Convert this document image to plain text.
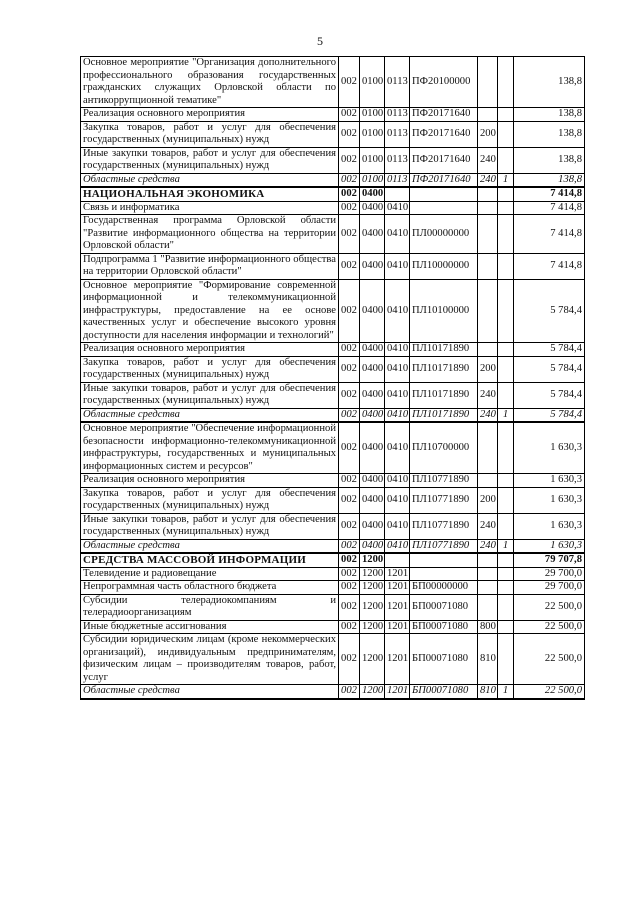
5
Основное мероприятие "Организация дополнительного профессионального образования государственных гражданских служащих Орловской области по антикоррупционной тематике"	002	0100	0113	ПФ20100000			138,8
Реализация основного мероприятия	002	0100	0113	ПФ20171640			138,8
Закупка товаров, работ и услуг для обеспечения государственных (муниципальных) нужд	002	0100	0113	ПФ20171640	200		138,8
Иные закупки товаров, работ и услуг для обеспечения государственных (муниципальных) нужд	002	0100	0113	ПФ20171640	240		138,8
Областные средства	002	0100	0113	ПФ20171640	240	1	138,8
НАЦИОНАЛЬНАЯ ЭКОНОМИКА	002	0400					7 414,8
Связь и информатика	002	0400	0410				7 414,8
Государственная программа Орловской области "Развитие информационного общества на территории Орловской области"	002	0400	0410	ПЛ00000000			7 414,8
Подпрограмма 1 "Развитие информационного общества на территории Орловской области"	002	0400	0410	ПЛ10000000			7 414,8
Основное мероприятие "Формирование современной информационной и телекоммуникационной инфраструктуры, предоставление на ее основе качественных услуг и обеспечение высокого уровня доступности для населения информации и технологий"	002	0400	0410	ПЛ10100000			5 784,4
Реализация основного мероприятия	002	0400	0410	ПЛ10171890			5 784,4
Закупка товаров, работ и услуг для обеспечения государственных (муниципальных) нужд	002	0400	0410	ПЛ10171890	200		5 784,4
Иные закупки товаров, работ и услуг для обеспечения государственных (муниципальных) нужд	002	0400	0410	ПЛ10171890	240		5 784,4
Областные средства	002	0400	0410	ПЛ10171890	240	1	5 784,4
Основное мероприятие "Обеспечение информационной безопасности информационно-телекоммуникационной инфраструктуры, государственных и муниципальных информационных систем и ресурсов"	002	0400	0410	ПЛ10700000			1 630,3
Реализация основного мероприятия	002	0400	0410	ПЛ10771890			1 630,3
Закупка товаров, работ и услуг для обеспечения государственных (муниципальных) нужд	002	0400	0410	ПЛ10771890	200		1 630,3
Иные закупки товаров, работ и услуг для обеспечения государственных (муниципальных) нужд	002	0400	0410	ПЛ10771890	240		1 630,3
Областные средства	002	0400	0410	ПЛ10771890	240	1	1 630,3
СРЕДСТВА МАССОВОЙ ИНФОРМАЦИИ	002	1200					79 707,8
Телевидение и радиовещание	002	1200	1201				29 700,0
Непрограммная часть областного бюджета	002	1200	1201	БП00000000			29 700,0
Субсидии телерадиокомпаниям и телерадиоорганизациям	002	1200	1201	БП00071080			22 500,0
Иные бюджетные ассигнования	002	1200	1201	БП00071080	800		22 500,0
Субсидии юридическим лицам (кроме некоммерческих организаций), индивидуальным предпринимателям, физическим лицам – производителям товаров, работ, услуг	002	1200	1201	БП00071080	810		22 500,0
Областные средства	002	1200	1201	БП00071080	810	1	22 500,0
